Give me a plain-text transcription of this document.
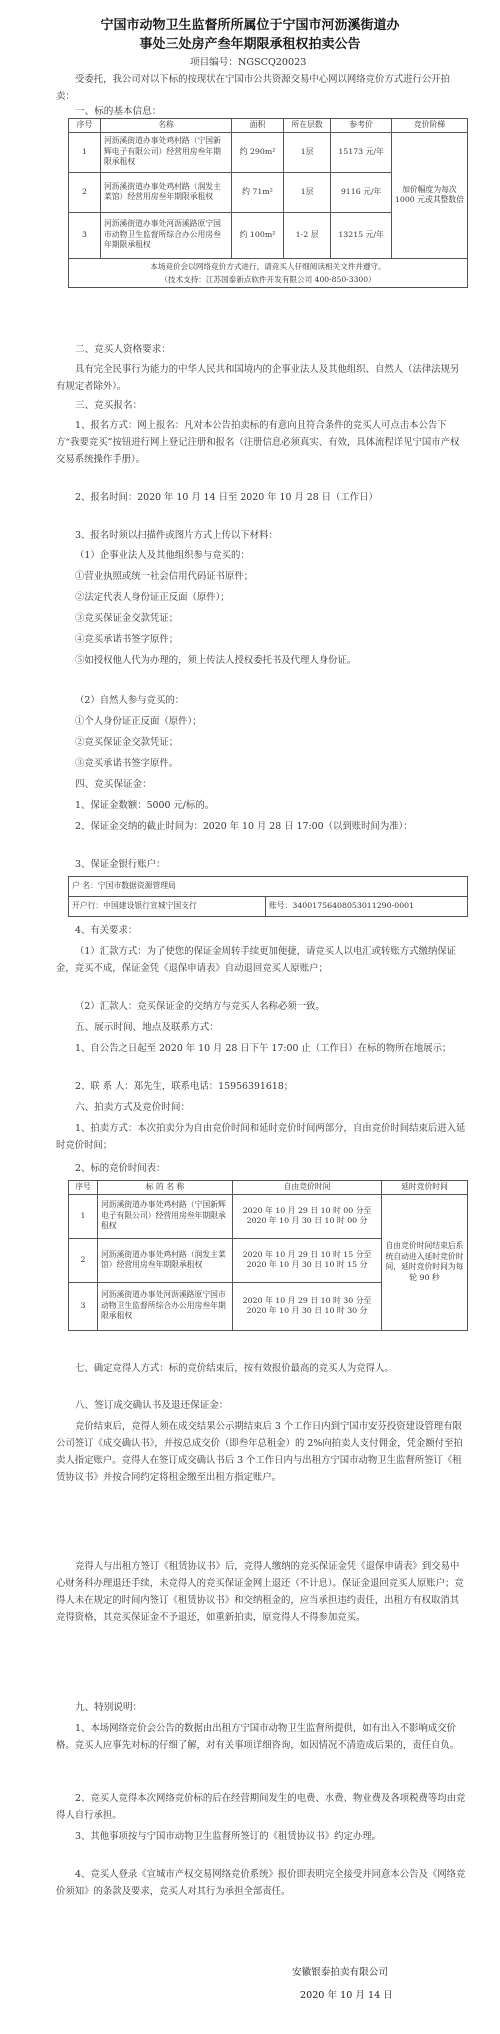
宁国市动物卫生监督所所属位于宁国市河沥溪街道办
事处三处房产叁年期限承租权拍卖公告
项目编号：NGSCQ20023
受委托，我公司对以下标的按现状在宁国市公共资源交易中心网以网络竞价方式进行公开拍卖：
一、标的基本信息：
序号	名称	面积	所在层数	参考价	竞价阶梯
1	河沥溪街道办事处鸡村路（宁国新辉电子有限公司）经营用房叁年期限承租权	约 290m²	1层	15173 元/年	加价幅度为每次 1000 元或其整数倍
2	河沥溪街道办事处鸡村路（润发主菜馆）经营用房叁年期限承租权	约 71m²	1层	9116 元/年	
3	河沥溪街道办事处河沥溪路原宁国市动物卫生监督所综合办公用房叁年期限承租权	约 100m²	1-2 层	13215 元/年	

本场竞价会以网络竞价方式进行，请竞买人仔细阅读相关文件并遵守。
（技术支持：江苏国泰新点软件开发有限公司 400-850-3300）					
二、竞买人资格要求：
具有完全民事行为能力的中华人民共和国境内的企事业法人及其他组织、自然人（法律法规另有规定者除外）。
三、竞买报名：
1、报名方式：网上报名：凡对本公告拍卖标的有意向且符合条件的竞买人可点击本公告下方“我要竞买”按钮进行网上登记注册和报名（注册信息必须真实、有效，具体流程详见宁国市产权交易系统操作手册）。
2、报名时间：2020 年 10 月 14 日至 2020 年 10 月 28 日（工作日）
3、报名时须以扫描件或图片方式上传以下材料：
（1）企事业法人及其他组织参与竞买的：
①营业执照或统一社会信用代码证书原件；
②法定代表人身份证正反面（原件）；
③竞买保证金交款凭证；
④竞买承诺书签字原件；
⑤如授权他人代为办理的，须上传法人授权委托书及代理人身份证。
（2）自然人参与竞买的：
①个人身份证正反面（原件）；
②竞买保证金交款凭证；
③竞买承诺书签字原件。
四、竞买保证金：
1、保证金数额：5000 元/标的。
2、保证金交纳的截止时间为：2020 年 10 月 28 日 17:00（以到账时间为准）：
3、保证金银行账户：
户 名：宁国市数据资源管理局
开户行：中国建设银行宣城宁国支行	账号：34001756408053011290-0001
4、有关要求：
（1）汇款方式：为了使您的保证金周转手续更加便捷，请竞买人以电汇或转账方式缴纳保证金，竞买不成，保证金凭《退保申请表》自动退回竞买人原账户；
（2）汇款人：竞买保证金的交纳方与竞买人名称必须一致。
五、展示时间、地点及联系方式：
1、自公告之日起至 2020 年 10 月 28 日下午 17:00 止（工作日）在标的物所在地展示；
2、联 系 人：郑先生，联系电话：15956391618；
六、拍卖方式及竞价时间：
1、拍卖方式：本次拍卖分为自由竞价时间和延时竞价时间两部分，自由竞价时间结束后进入延时竞价时间；
2、标的竞价时间表：
序号	标 的 名 称	自由竞价时间	延时竞价时间
1	河沥溪街道办事处鸡村路（宁国新辉电子有限公司）经营用房叁年期限承租权	2020 年 10 月 29 日 10 时 00 分至 2020 年 10 月 30 日 10 时 00 分	自由竞价时间结束后系统自动进入延时竞价时间，延时竞价时间为每轮 90 秒
2	河沥溪街道办事处鸡村路（润发主菜馆）经营用房叁年期限承租权	2020 年 10 月 29 日 10 时 15 分至 2020 年 10 月 30 日 10 时 15 分	
3	河沥溪街道办事处河沥溪路原宁国市动物卫生监督所综合办公用房叁年期限承租权	2020 年 10 月 29 日 10 时 30 分至 2020 年 10 月 30 日 10 时 30 分	
七、确定竞得人方式：标的竞价结束后，按有效报价最高的竞买人为竞得人。
八、签订成交确认书及退还保证金：
竞价结束后，竞得人须在成交结果公示期结束后 3 个工作日内到宁国市安芬投资建设管理有限公司签订《成交确认书》，并按总成交价（即叁年总租金）的 2%向拍卖人支付佣金，凭金额付至拍卖人指定账户。竞得人在签订成交确认书后 3 个工作日内与出租方宁国市动物卫生监督所签订《租赁协议书》并按合同约定将租金缴至出租方指定账户。
竞得人与出租方签订《租赁协议书》后，竞得人缴纳的竞买保证金凭《退保申请表》到交易中心财务科办理退还手续，未竞得人的竞买保证金网上退还（不计息）。保证金退回竞买人原账户；竞得人未在规定的时间内签订《租赁协议书》和交纳租金的，应当承担违约责任，出租方有权取消其竞得资格，其竞买保证金不予退还，如重新拍卖，原竞得人不得参加竞买。
九、特别说明：
1、本场网络竞价会公告的数据由出租方宁国市动物卫生监督所提供，如有出入不影响成交价格。竞买人应事先对标的仔细了解，对有关事项详细咨询，如因情况不清造成后果的，责任自负。
2、竞买人竞得本次网络竞价标的后在经营期间发生的电费、水费、物业费及各项税费等均由竞得人自行承担。
3、其他事项按与宁国市动物卫生监督所签订的《租赁协议书》约定办理。
4、竞买人登录《宣城市产权交易网络竞价系统》报价即表明完全接受并同意本公告及《网络竞价须知》的条款及要求，竞买人对其行为承担全部责任。
安徽银泰拍卖有限公司
2020 年 10 月 14 日
